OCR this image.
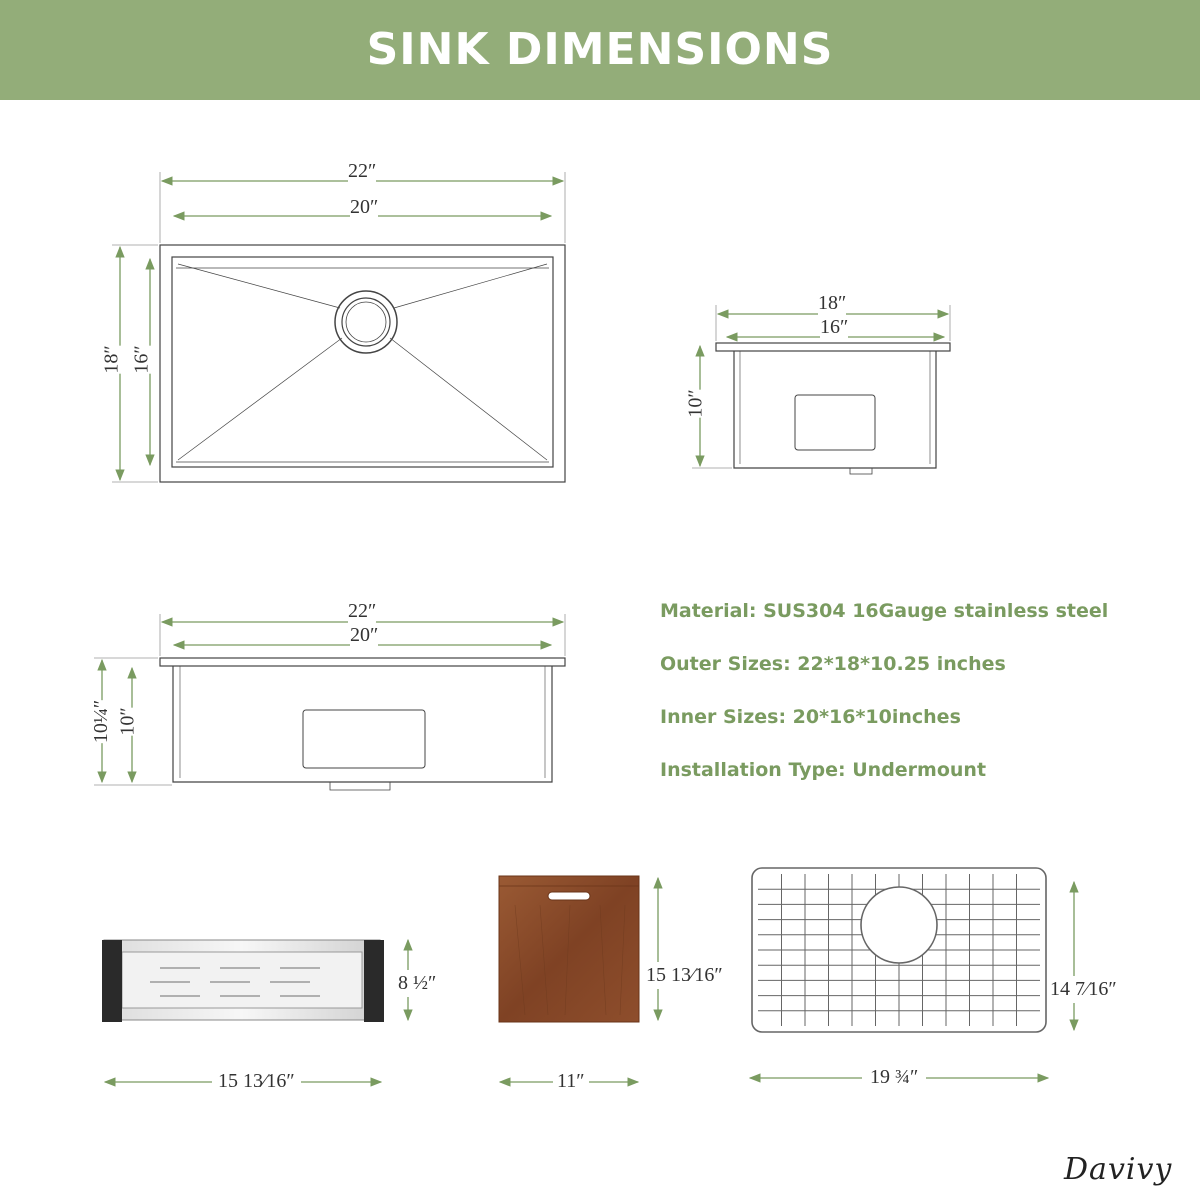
SINK DIMENSIONS
22″
20″
18″ 16″
18″
16″
10″
22″
20″
10¼″ 10″
15 13⁄16″
8 ½″
11″
15 13⁄16″
19 ¾″
14 7⁄16″
Material: SUS304 16Gauge stainless steel
Outer Sizes: 22*18*10.25 inches
Inner Sizes: 20*16*10inches
Installation Type: Undermount
Davivy
